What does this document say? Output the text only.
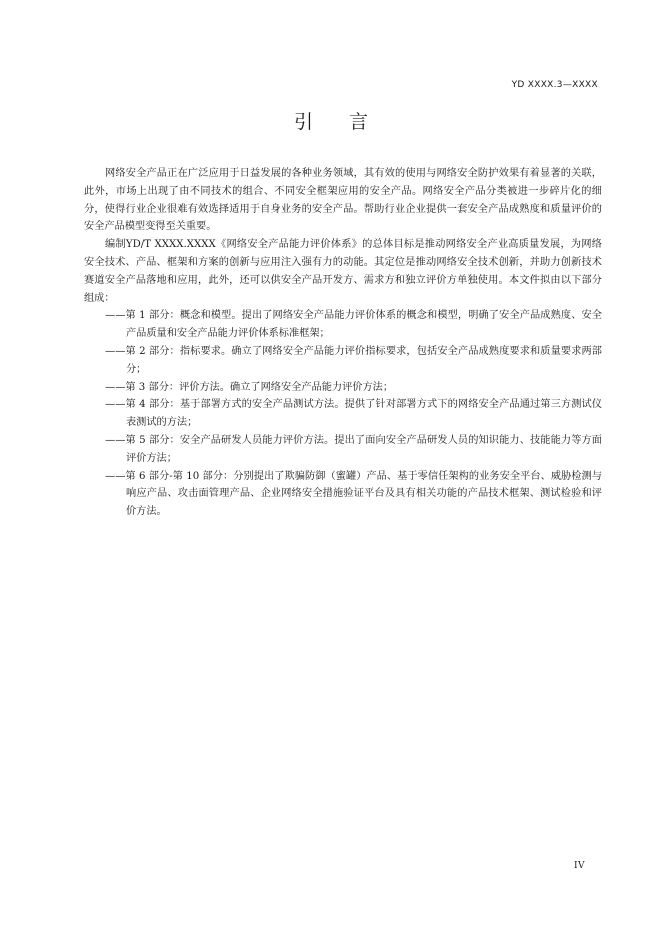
YD XXXX.3—XXXX
引言

网络安全产品正在广泛应用于日益发展的各种业务领域，其有效的使用与网络安全防护效果有着显著的关联，此外，市场上出现了由不同技术的组合、不同安全框架应用的安全产品。网络安全产品分类被进一步碎片化的细分，使得行业企业很难有效选择适用于自身业务的安全产品。帮助行业企业提供一套安全产品成熟度和质量评价的安全产品模型变得至关重要。

编制YD/T XXXX.XXXX《网络安全产品能力评价体系》的总体目标是推动网络安全产业高质量发展，为网络安全技术、产品、框架和方案的创新与应用注入强有力的动能。其定位是推动网络安全技术创新，并助力创新技术赛道安全产品落地和应用，此外，还可以供安全产品开发方、需求方和独立评价方单独使用。本文件拟由以下部分组成：

——第 1 部分：概念和模型。提出了网络安全产品能力评价体系的概念和模型，明确了安全产品成熟度、安全产品质量和安全产品能力评价体系标准框架；

——第 2 部分：指标要求。确立了网络安全产品能力评价指标要求，包括安全产品成熟度要求和质量要求两部分；

——第 3 部分：评价方法。确立了网络安全产品能力评价方法；

——第 4 部分：基于部署方式的安全产品测试方法。提供了针对部署方式下的网络安全产品通过第三方测试仪表测试的方法；

——第 5 部分：安全产品研发人员能力评价方法。提出了面向安全产品研发人员的知识能力、技能能力等方面评价方法；

——第 6 部分-第 10 部分：分别提出了欺骗防御（蜜罐）产品、基于零信任架构的业务安全平台、威胁检测与响应产品、攻击面管理产品、企业网络安全措施验证平台及具有相关功能的产品技术框架、测试检验和评价方法。

IV
